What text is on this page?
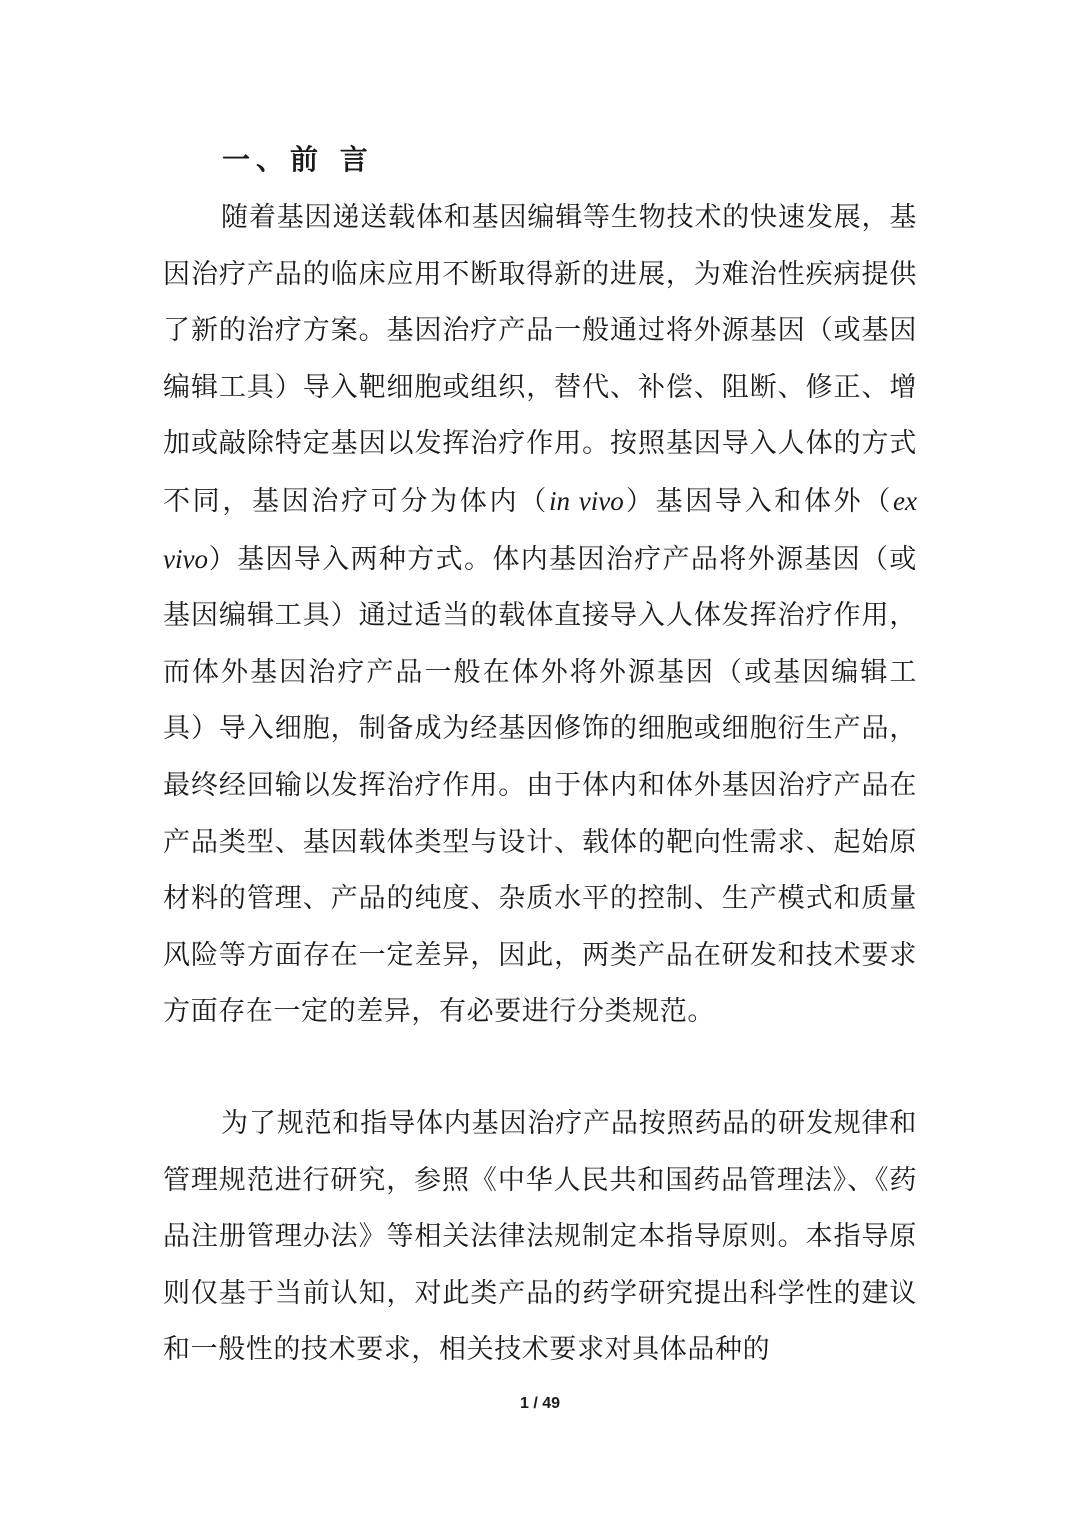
一、前 言

随着基因递送载体和基因编辑等生物技术的快速发展，基因治疗产品的临床应用不断取得新的进展，为难治性疾病提供了新的治疗方案。基因治疗产品一般通过将外源基因（或基因编辑工具）导入靶细胞或组织，替代、补偿、阻断、修正、增加或敲除特定基因以发挥治疗作用。按照基因导入人体的方式不同，基因治疗可分为体内（in vivo）基因导入和体外（ex vivo）基因导入两种方式。体内基因治疗产品将外源基因（或基因编辑工具）通过适当的载体直接导入人体发挥治疗作用，而体外基因治疗产品一般在体外将外源基因（或基因编辑工具）导入细胞，制备成为经基因修饰的细胞或细胞衍生产品，最终经回输以发挥治疗作用。由于体内和体外基因治疗产品在产品类型、基因载体类型与设计、载体的靶向性需求、起始原材料的管理、产品的纯度、杂质水平的控制、生产模式和质量风险等方面存在一定差异，因此，两类产品在研发和技术要求方面存在一定的差异，有必要进行分类规范。

为了规范和指导体内基因治疗产品按照药品的研发规律和管理规范进行研究，参照《中华人民共和国药品管理法》、《药品注册管理办法》等相关法律法规制定本指导原则。本指导原则仅基于当前认知，对此类产品的药学研究提出科学性的建议和一般性的技术要求，相关技术要求对具体品种的

1 / 49
